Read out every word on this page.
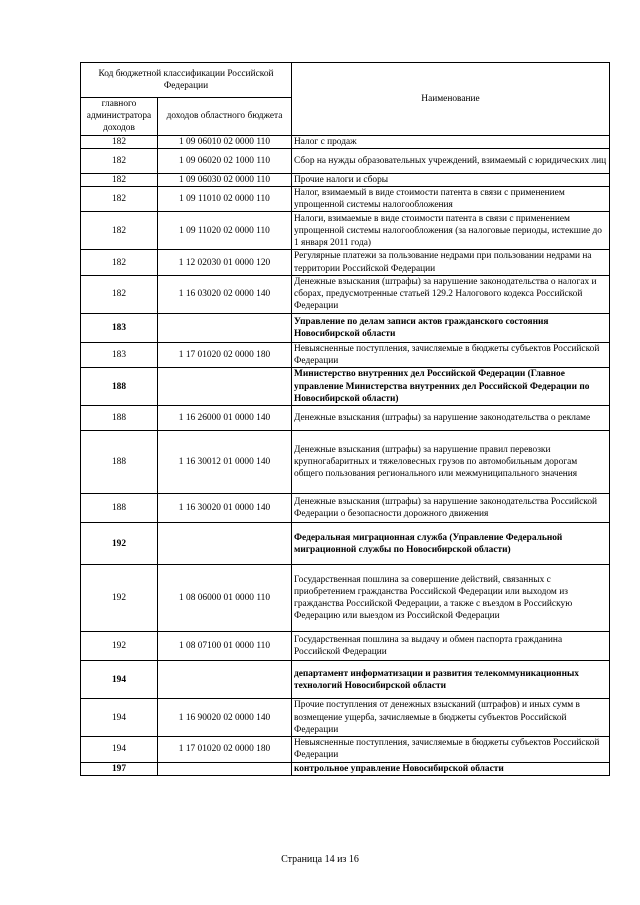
Код бюджетной классификации Российской Федерации		Наименование
главного администратора доходов	доходов областного бюджета	
182	1 09 06010 02 0000 110	Налог с продаж
182	1 09 06020 02 1000 110	Сбор на нужды образовательных учреждений, взимаемый с юридических лиц
182	1 09 06030 02 0000 110	Прочие налоги и сборы
182	1 09 11010 02 0000 110	Налог, взимаемый в виде стоимости патента в связи с применением упрощенной системы налогообложения
182	1 09 11020 02 0000 110	Налоги, взимаемые в виде стоимости патента в связи с применением упрощенной системы налогообложения (за налоговые периоды, истекшие до 1 января 2011 года)
182	1 12 02030 01 0000 120	Регулярные платежи за пользование недрами при пользовании недрами на территории Российской Федерации
182	1 16 03020 02 0000 140	Денежные взыскания (штрафы) за нарушение законодательства о налогах и сборах, предусмотренные статьей 129.2 Налогового кодекса Российской Федерации
183		Управление по делам записи актов гражданского состояния Новосибирской области
183	1 17 01020 02 0000 180	Невыясненные поступления, зачисляемые в бюджеты субъектов Российской Федерации
188		Министерство внутренних дел Российской Федерации (Главное управление Министерства внутренних дел Российской Федерации по Новосибирской области)
188	1 16 26000 01 0000 140	Денежные взыскания (штрафы) за нарушение законодательства о рекламе
188	1 16 30012 01 0000 140	Денежные взыскания (штрафы) за нарушение правил перевозки крупногабаритных и тяжеловесных грузов по автомобильным дорогам общего пользования регионального или межмуниципального значения
188	1 16 30020 01 0000 140	Денежные взыскания (штрафы) за нарушение законодательства Российской Федерации о безопасности дорожного движения
192		Федеральная миграционная служба (Управление Федеральной миграционной службы по Новосибирской области)
192	1 08 06000 01 0000 110	Государственная пошлина за совершение действий, связанных с приобретением гражданства Российской Федерации или выходом из гражданства Российской Федерации, а также с въездом в Российскую Федерацию или выездом из Российской Федерации
192	1 08 07100 01 0000 110	Государственная пошлина за выдачу и обмен паспорта гражданина Российской Федерации
194		департамент информатизации и развития телекоммуникационных технологий Новосибирской области
194	1 16 90020 02 0000 140	Прочие поступления от денежных взысканий (штрафов) и иных сумм в возмещение ущерба, зачисляемые в бюджеты субъектов Российской Федерации
194	1 17 01020 02 0000 180	Невыясненные поступления, зачисляемые в бюджеты субъектов Российской Федерации
197		контрольное управление Новосибирской области
Страница 14 из 16
